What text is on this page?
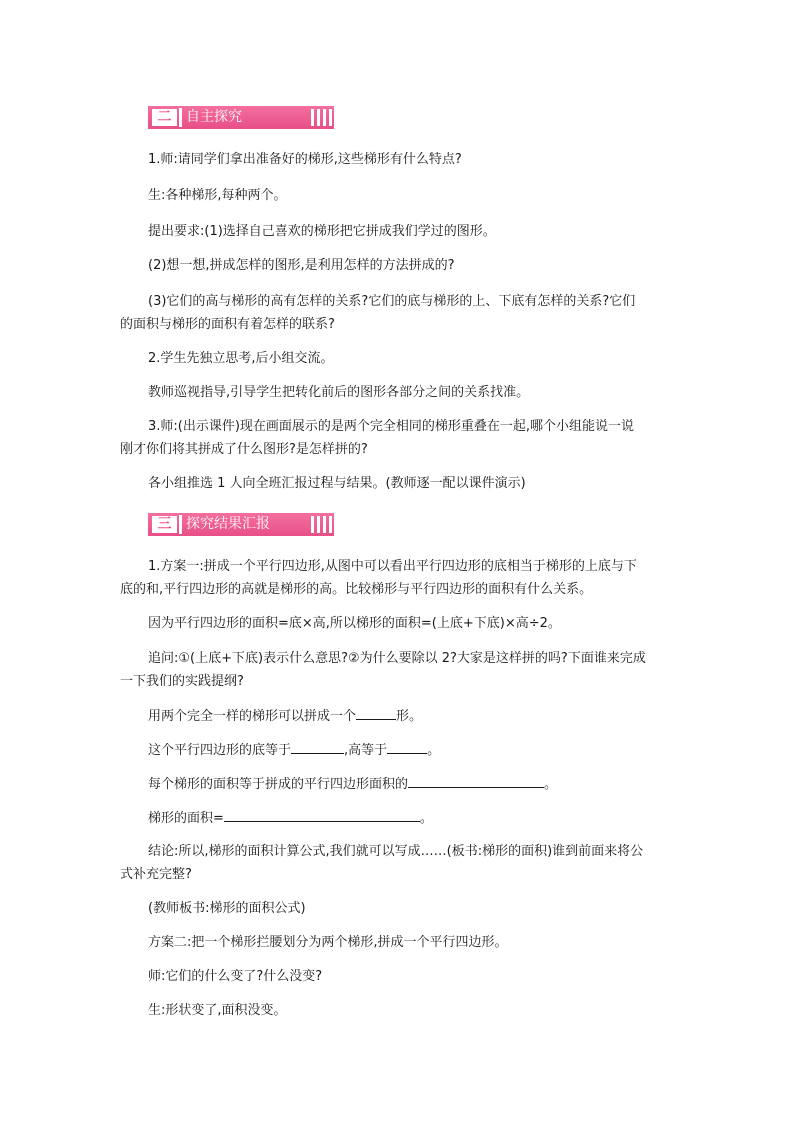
二	自主探究
1.师:请同学们拿出准备好的梯形,这些梯形有什么特点?
生:各种梯形,每种两个。
提出要求:(1)选择自己喜欢的梯形把它拼成我们学过的图形。
(2)想一想,拼成怎样的图形,是利用怎样的方法拼成的?
(3)它们的高与梯形的高有怎样的关系?它们的底与梯形的上、下底有怎样的关系?它们
的面积与梯形的面积有着怎样的联系?
2.学生先独立思考,后小组交流。
教师巡视指导,引导学生把转化前后的图形各部分之间的关系找准。
3.师:(出示课件)现在画面展示的是两个完全相同的梯形重叠在一起,哪个小组能说一说
刚才你们将其拼成了什么图形?是怎样拼的?
各小组推选 1 人向全班汇报过程与结果。(教师逐一配以课件演示)
三	探究结果汇报
1.方案一:拼成一个平行四边形,从图中可以看出平行四边形的底相当于梯形的上底与下
底的和,平行四边形的高就是梯形的高。比较梯形与平行四边形的面积有什么关系。
因为平行四边形的面积=底×高,所以梯形的面积=(上底+下底)×高÷2。
追问:①(上底+下底)表示什么意思?②为什么要除以 2?大家是这样拼的吗?下面谁来完成
一下我们的实践提纲?
用两个完全一样的梯形可以拼成一个	形。
这个平行四边形的底等于	,高等于	。
每个梯形的面积等于拼成的平行四边形面积的	。
梯形的面积=	。
结论:所以,梯形的面积计算公式,我们就可以写成……(板书:梯形的面积)谁到前面来将公
式补充完整?
(教师板书:梯形的面积公式)
方案二:把一个梯形拦腰划分为两个梯形,拼成一个平行四边形。
师:它们的什么变了?什么没变?
生:形状变了,面积没变。
